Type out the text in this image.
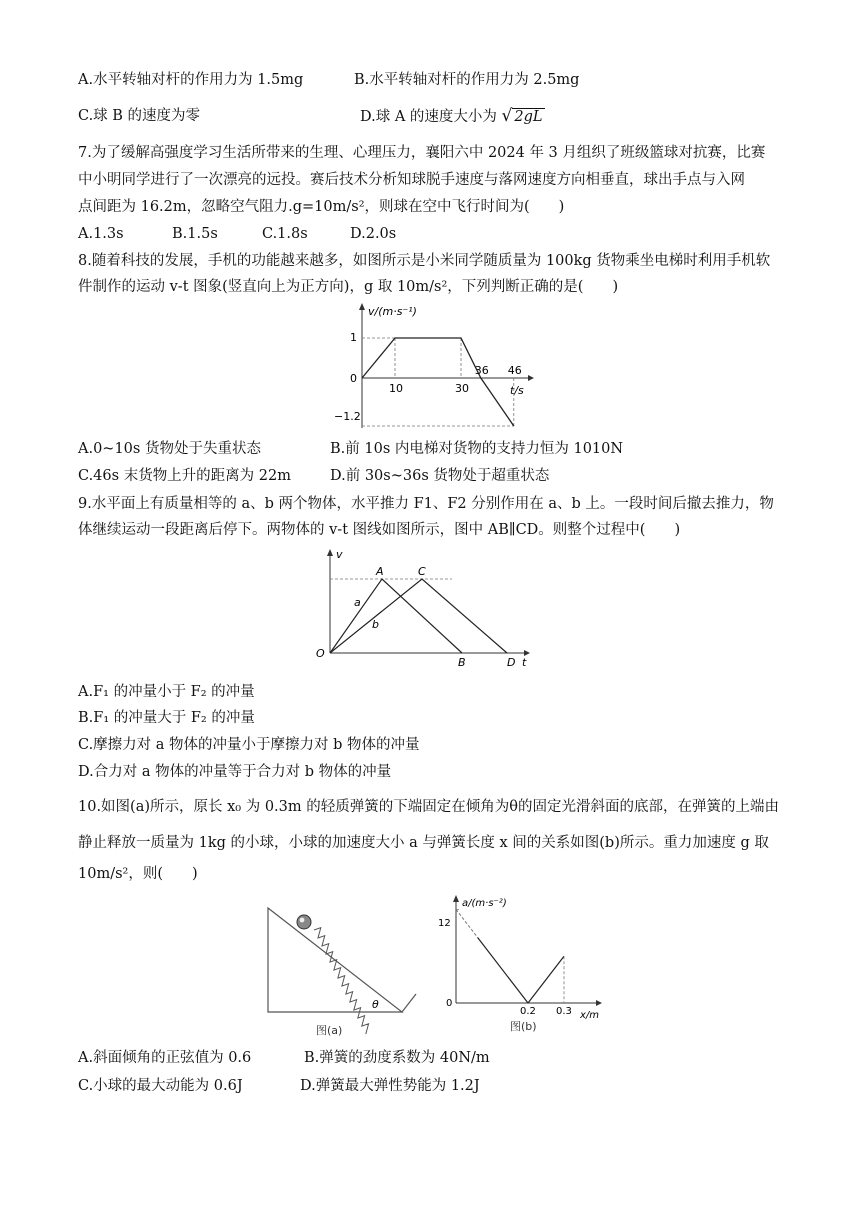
A.水平转轴对杆的作用力为 1.5mg	B.水平转轴对杆的作用力为 2.5mg
C.球 B 的速度为零	D.球 A 的速度大小为 √ 2gL
7.为了缓解高强度学习生活所带来的生理、心理压力，襄阳六中 2024 年 3 月组织了班级篮球对抗赛，比赛
中小明同学进行了一次漂亮的远投。赛后技术分析知球脱手速度与落网速度方向相垂直，球出手点与入网
点间距为 16.2m，忽略空气阻力.g=10m/s²，则球在空中飞行时间为(　　)
A.1.3s	B.1.5s	C.1.8s	D.2.0s
8.随着科技的发展，手机的功能越来越多，如图所示是小米同学随质量为 100kg 货物乘坐电梯时利用手机软
件制作的运动 v-t 图象(竖直向上为正方向)，g 取 10m/s²，下列判断正确的是(　　)
v/(m·s⁻¹)
t/s
1
0
−1.2
10	30
36 46
A.0~10s 货物处于失重状态	B.前 10s 内电梯对货物的支持力恒为 1010N
C.46s 末货物上升的距离为 22m	D.前 30s~36s 货物处于超重状态
9.水平面上有质量相等的 a、b 两个物体，水平推力 F1、F2 分别作用在 a、b 上。一段时间后撤去推力，物
体继续运动一段距离后停下。两物体的 v-t 图线如图所示，图中 AB∥CD。则整个过程中(　　)
v
t
O
A
B
C
D
a
b
A.F₁ 的冲量小于 F₂ 的冲量
B.F₁ 的冲量大于 F₂ 的冲量
C.摩擦力对 a 物体的冲量小于摩擦力对 b 物体的冲量
D.合力对 a 物体的冲量等于合力对 b 物体的冲量
10.如图(a)所示，原长 x₀ 为 0.3m 的轻质弹簧的下端固定在倾角为θ的固定光滑斜面的底部，在弹簧的上端由
静止释放一质量为 1kg 的小球，小球的加速度大小 a 与弹簧长度 x 间的关系如图(b)所示。重力加速度 g 取
10m/s²，则(　　)
θ
图(a)
a/(m·s⁻²)
x/m
12
0
0.2 0.3
图(b)
A.斜面倾角的正弦值为 0.6	B.弹簧的劲度系数为 40N/m
C.小球的最大动能为 0.6J	D.弹簧最大弹性势能为 1.2J
